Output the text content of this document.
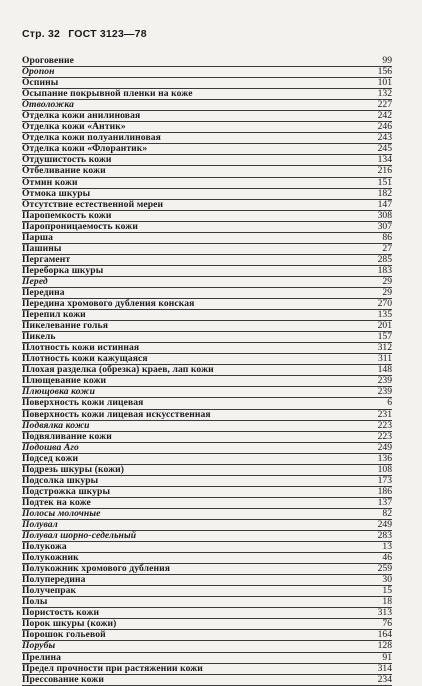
Стр. 32 ГОСТ 3123—78
Ороговение	99
Оропон	156
Оспины	101
Осыпание покрывной пленки на коже	132
Отволожка	227
Отделка кожи анилиновая	242
Отделка кожи «Антик»	246
Отделка кожи полуанилиновая	243
Отделка кожи «Флорантик»	245
Отдушистость кожи	134
Отбеливание кожи	216
Отмин кожи	151
Отмока шкуры	182
Отсутствие естественной мереи	147
Паропемкость кожи	308
Паропроницаемость кожи	307
Парша	86
Пашины	27
Пергамент	285
Переборка шкуры	183
Перед	29
Передина	29
Передина хромового дубления конская	270
Перепил кожи	135
Пикелевание голья	201
Пикель	157
Плотность кожи истинная	312
Плотность кожи кажущаяся	311
Плохая разделка (обрезка) краев, лап кожи	148
Плющевание кожи	239
Плющовка кожи	239
Поверхность кожи лицевая	6
Поверхность кожи лицевая искусственная	231
Подвялка кожи	223
Подвяливание кожи	223
Подошва Аго	249
Подсед кожи	136
Подрезь шкуры (кожи)	108
Подсолка шкуры	173
Подстрожка шкуры	186
Подтек на коже	137
Полосы молочные	82
Полувал	249
Полувал шорно-седельный	283
Полукожа	13
Полукожник	46
Полукожник хромового дубления	259
Полупередина	30
Получепрак	15
Полы	18
Пористость кожи	313
Порок шкуры (кожи)	76
Порошок гольевой	164
Порубы	128
Прелина	91
Предел прочности при растяжении кожи	314
Прессование кожи	234
